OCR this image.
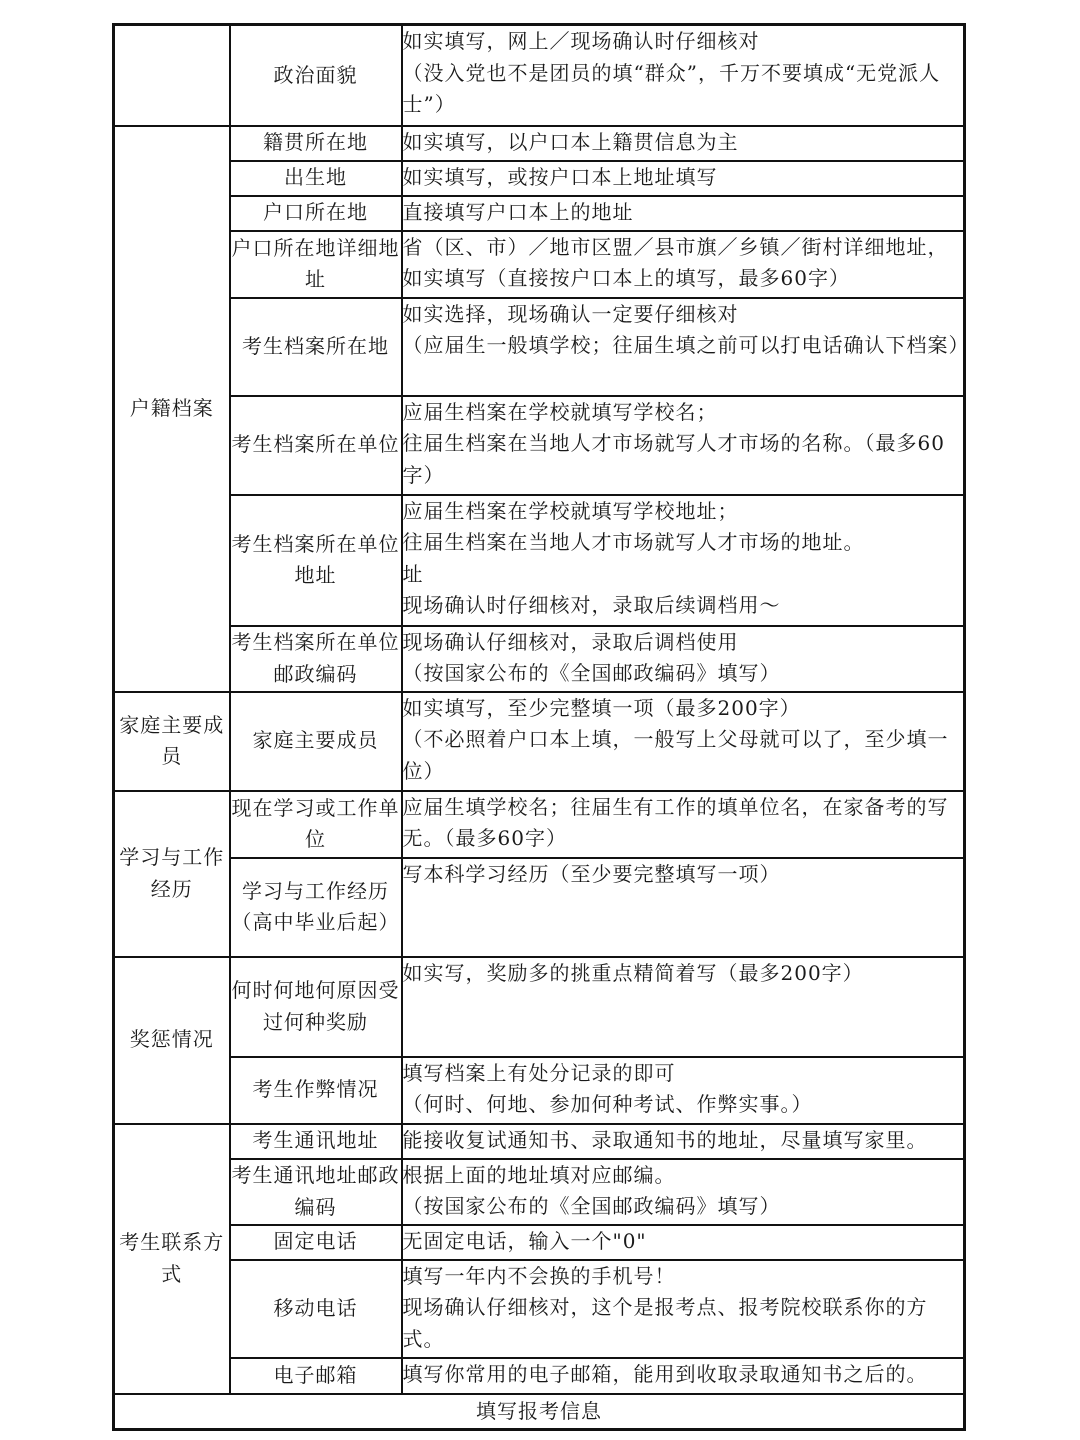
	政治面貌	如实填写，网上／现场确认时仔细核对
（没入党也不是团员的填“群众”，千万不要填成“无党派人士”）

户籍档案	籍贯所在地	如实填写，以户口本上籍贯信息为主

	出生地	如实填写，或按户口本上地址填写

	户口所在地	直接填写户口本上的地址

	户口所在地详细地址	省（区、市）／地市区盟／县市旗／乡镇／街村详细地址，如实填写（直接按户口本上的填写，最多60字）

	考生档案所在地	如实选择，现场确认一定要仔细核对
（应届生一般填学校；往届生填之前可以打电话确认下档案）

	考生档案所在单位	应届生档案在学校就填写学校名；
往届生档案在当地人才市场就写人才市场的名称。（最多60字）

	考生档案所在单位地址	应届生档案在学校就填写学校地址；
往届生档案在当地人才市场就写人才市场的地址。
址
现场确认时仔细核对，录取后续调档用～

	考生档案所在单位邮政编码	现场确认仔细核对，录取后调档使用
（按国家公布的《全国邮政编码》填写）

家庭主要成员	家庭主要成员	如实填写，至少完整填一项（最多200字）
（不必照着户口本上填，一般写上父母就可以了，至少填一位）

学习与工作经历	现在学习或工作单位	应届生填学校名；往届生有工作的填单位名，在家备考的写无。（最多60字）

	学习与工作经历（高中毕业后起）	写本科学习经历（至少要完整填写一项）

奖惩情况	何时何地何原因受过何种奖励	如实写，奖励多的挑重点精简着写（最多200字）

	考生作弊情况	填写档案上有处分记录的即可
（何时、何地、参加何种考试、作弊实事。）

考生联系方式	考生通讯地址	能接收复试通知书、录取通知书的地址，尽量填写家里。

	考生通讯地址邮政编码	根据上面的地址填对应邮编。
（按国家公布的《全国邮政编码》填写）

	固定电话	无固定电话，输入一个"0"

	移动电话	填写一年内不会换的手机号！
现场确认仔细核对，这个是报考点、报考院校联系你的方式。

	电子邮箱	填写你常用的电子邮箱，能用到收取录取通知书之后的。

填写报考信息		
